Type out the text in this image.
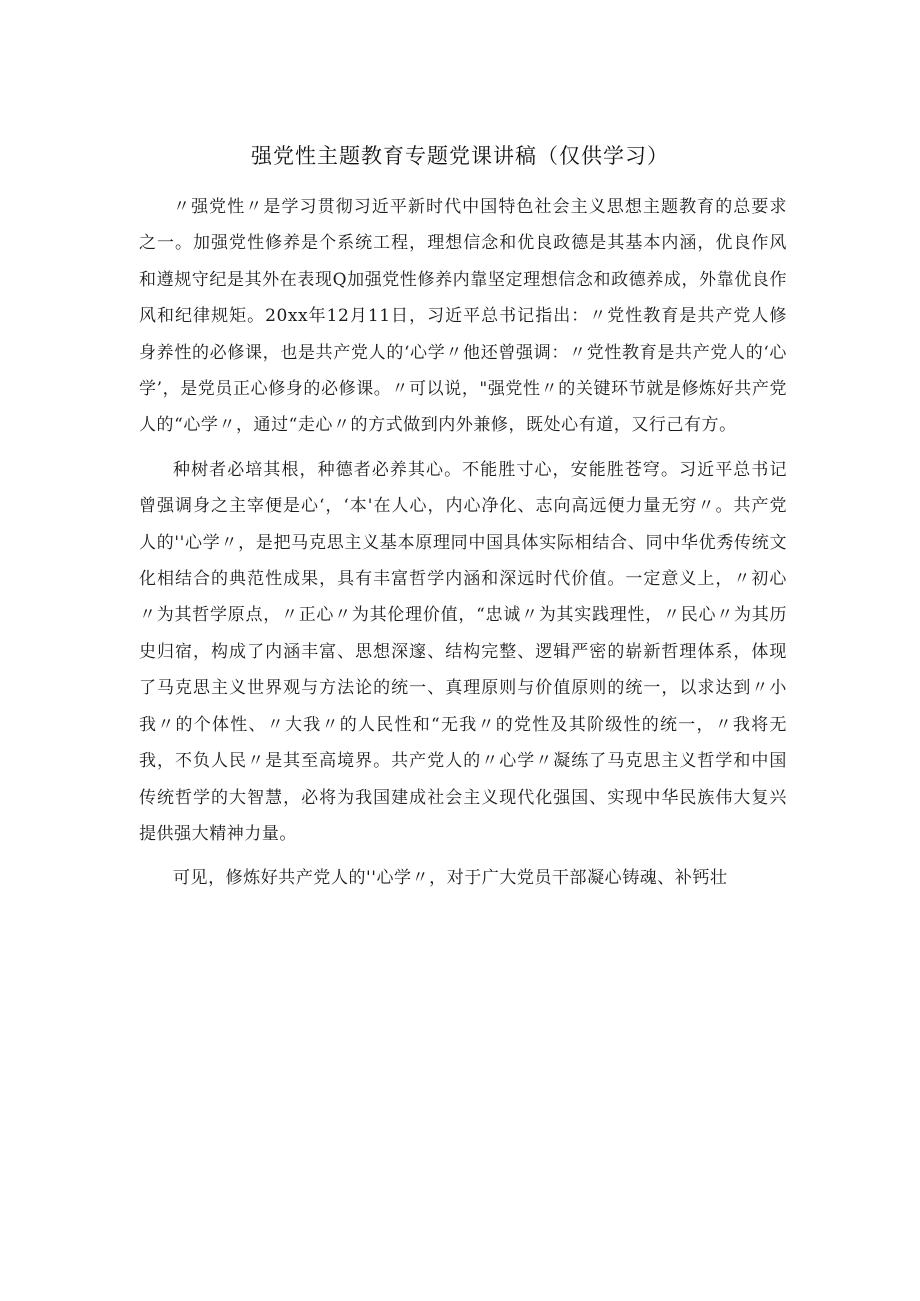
强党性主题教育专题党课讲稿（仅供学习）

〃强党性〃是学习贯彻习近平新时代中国特色社会主义思想主题教育的总要求之一。加强党性修养是个系统工程，理想信念和优良政德是其基本内涵，优良作风和遵规守纪是其外在表现Q加强党性修养内靠坚定理想信念和政德养成，外靠优良作风和纪律规矩。20xx年12月11日，习近平总书记指出：〃党性教育是共产党人修身养性的必修课，也是共产党人的‘心学〃他还曾强调：〃党性教育是共产党人的‘心学’，是党员正心修身的必修课。〃可以说，"强党性〃的关键环节就是修炼好共产党人的“心学〃，通过“走心〃的方式做到内外兼修，既处心有道，又行己有方。

种树者必培其根，种德者必养其心。不能胜寸心，安能胜苍穹。习近平总书记曾强调身之主宰便是心‘，‘本'在人心，内心净化、志向高远便力量无穷〃。共产党人的''心学〃，是把马克思主义基本原理同中国具体实际相结合、同中华优秀传统文化相结合的典范性成果，具有丰富哲学内涵和深远时代价值。一定意义上，〃初心〃为其哲学原点，〃正心〃为其伦理价值，“忠诚〃为其实践理性，〃民心〃为其历史归宿，构成了内涵丰富、思想深邃、结构完整、逻辑严密的崭新哲理体系，体现了马克思主义世界观与方法论的统一、真理原则与价值原则的统一，以求达到〃小我〃的个体性、〃大我〃的人民性和“无我〃的党性及其阶级性的统一，〃我将无我，不负人民〃是其至高境界。共产党人的〃心学〃凝练了马克思主义哲学和中国传统哲学的大智慧，必将为我国建成社会主义现代化强国、实现中华民族伟大复兴提供强大精神力量。

可见，修炼好共产党人的''心学〃，对于广大党员干部凝心铸魂、补钙壮
